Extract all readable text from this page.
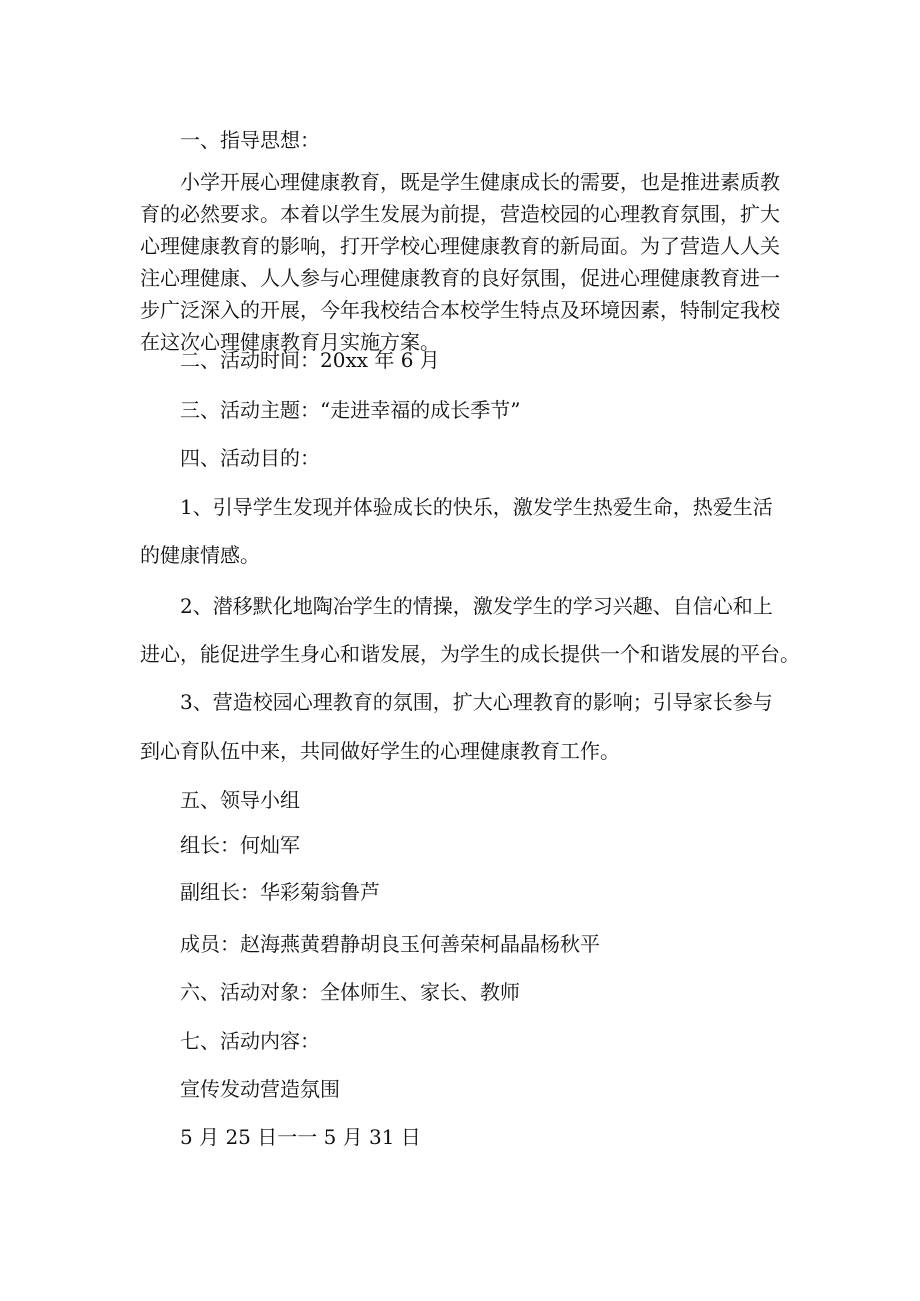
一、指导思想：

小学开展心理健康教育，既是学生健康成长的需要，也是推进素质教
育的必然要求。本着以学生发展为前提，营造校园的心理教育氛围，扩大
心理健康教育的影响，打开学校心理健康教育的新局面。为了营造人人关
注心理健康、人人参与心理健康教育的良好氛围，促进心理健康教育进一
步广泛深入的开展，今年我校结合本校学生特点及环境因素，特制定我校
在这次心理健康教育月实施方案。

二、活动时间：20xx 年 6 月

三、活动主题：“走进幸福的成长季节”

四、活动目的：

1、引导学生发现并体验成长的快乐，激发学生热爱生命，热爱生活

的健康情感。

2、潜移默化地陶冶学生的情操，激发学生的学习兴趣、自信心和上

进心，能促进学生身心和谐发展，为学生的成长提供一个和谐发展的平台。

3、营造校园心理教育的氛围，扩大心理教育的影响；引导家长参与

到心育队伍中来，共同做好学生的心理健康教育工作。

五、领导小组

组长：何灿军

副组长：华彩菊翁鲁芦

成员：赵海燕黄碧静胡良玉何善荣柯晶晶杨秋平

六、活动对象：全体师生、家长、教师

七、活动内容：

宣传发动营造氛围

5 月 25 日一一 5 月 31 日
